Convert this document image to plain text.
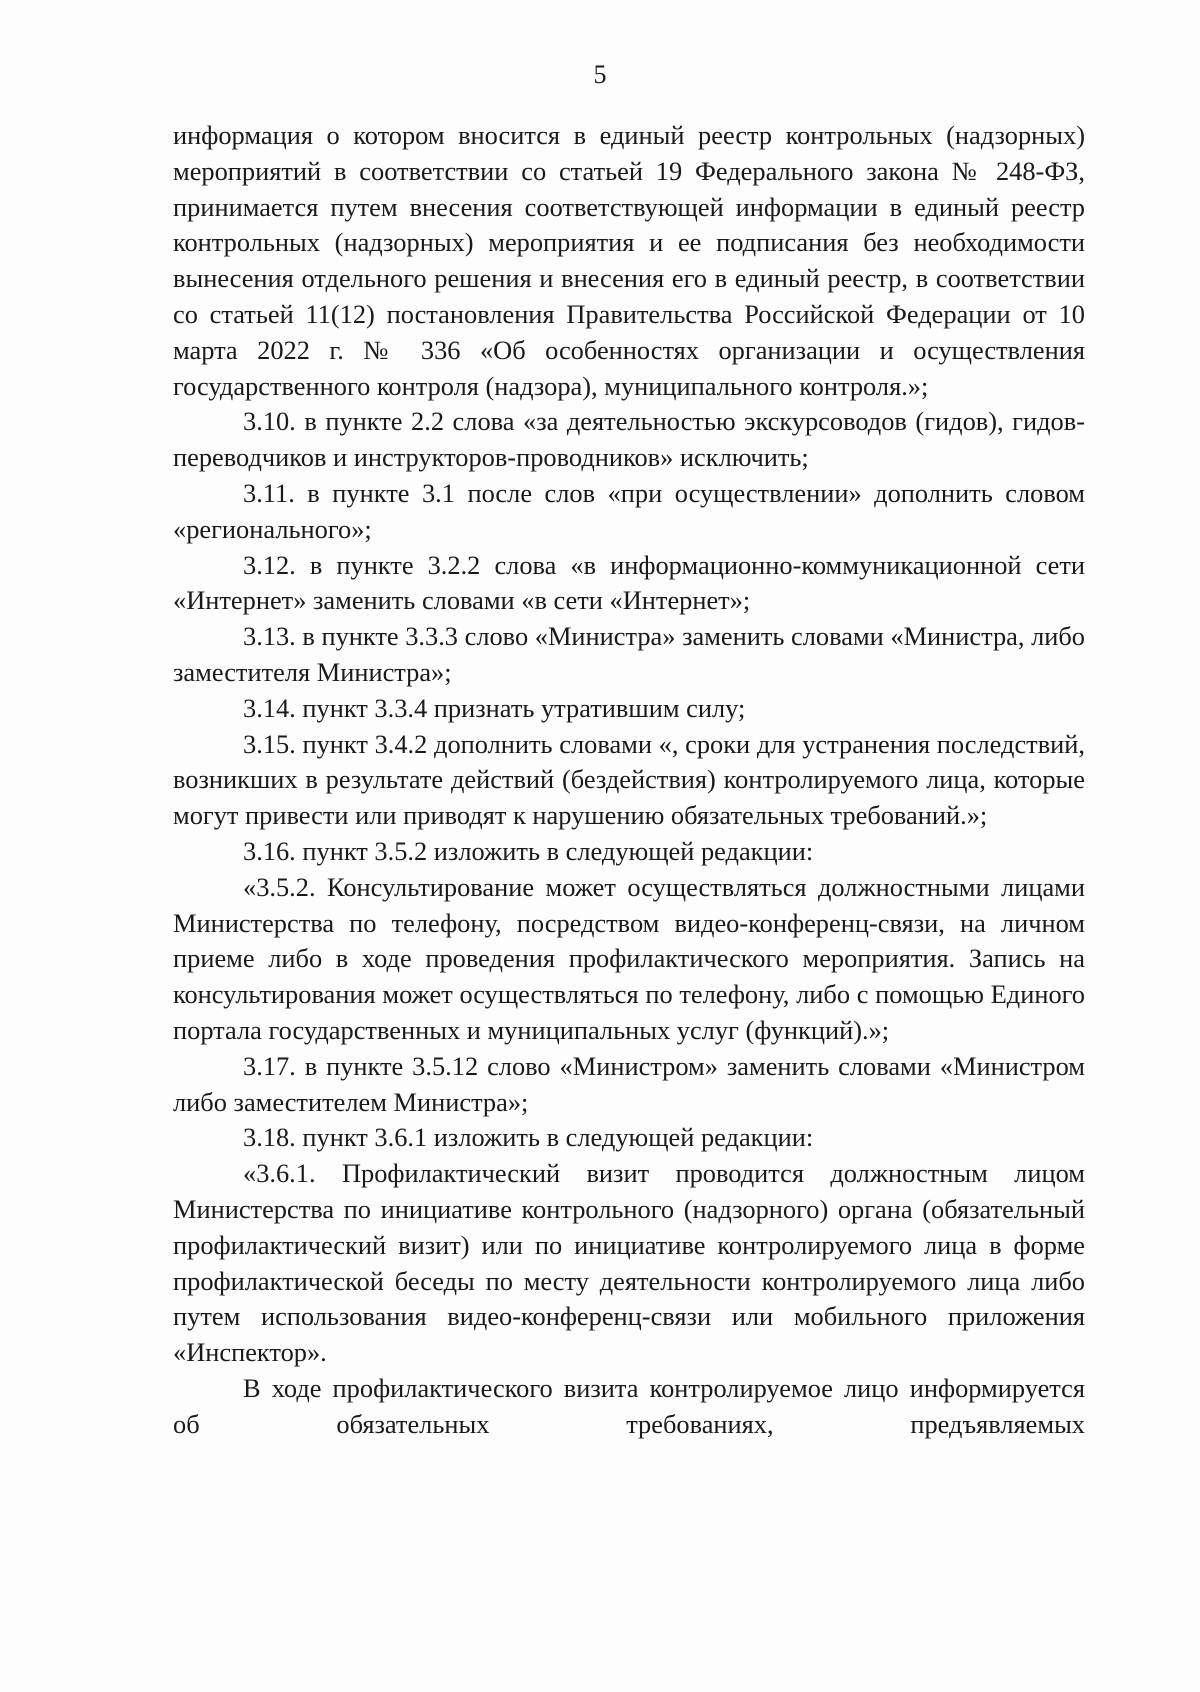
5

информация о котором вносится в единый реестр контрольных (надзорных) мероприятий в соответствии со статьей 19 Федерального закона № 248-ФЗ, принимается путем внесения соответствующей информации в единый реестр контрольных (надзорных) мероприятия и ее подписания без необходимости вынесения отдельного решения и внесения его в единый реестр, в соответствии со статьей 11(12) постановления Правительства Российской Федерации от 10 марта 2022 г. № 336 «Об особенностях организации и осуществления государственного контроля (надзора), муниципального контроля.»;

3.10. в пункте 2.2 слова «за деятельностью экскурсоводов (гидов), гидов-переводчиков и инструкторов-проводников» исключить;

3.11. в пункте 3.1 после слов «при осуществлении» дополнить словом «регионального»;

3.12. в пункте 3.2.2 слова «в информационно-коммуникационной сети «Интернет» заменить словами «в сети «Интернет»;

3.13. в пункте 3.3.3 слово «Министра» заменить словами «Министра, либо заместителя Министра»;

3.14. пункт 3.3.4 признать утратившим силу;

3.15. пункт 3.4.2 дополнить словами «, сроки для устранения последствий, возникших в результате действий (бездействия) контролируемого лица, которые могут привести или приводят к нарушению обязательных требований.»;

3.16. пункт 3.5.2 изложить в следующей редакции:

«3.5.2. Консультирование может осуществляться должностными лицами Министерства по телефону, посредством видео-конференц-связи, на личном приеме либо в ходе проведения профилактического мероприятия. Запись на консультирования может осуществляться по телефону, либо с помощью Единого портала государственных и муниципальных услуг (функций).»;

3.17. в пункте 3.5.12 слово «Министром» заменить словами «Министром либо заместителем Министра»;

3.18. пункт 3.6.1 изложить в следующей редакции:

«3.6.1. Профилактический визит проводится должностным лицом Министерства по инициативе контрольного (надзорного) органа (обязательный профилактический визит) или по инициативе контролируемого лица в форме профилактической беседы по месту деятельности контролируемого лица либо путем использования видео-конференц-связи или мобильного приложения «Инспектор».

В ходе профилактического визита контролируемое лицо информируется об обязательных требованиях, предъявляемых
